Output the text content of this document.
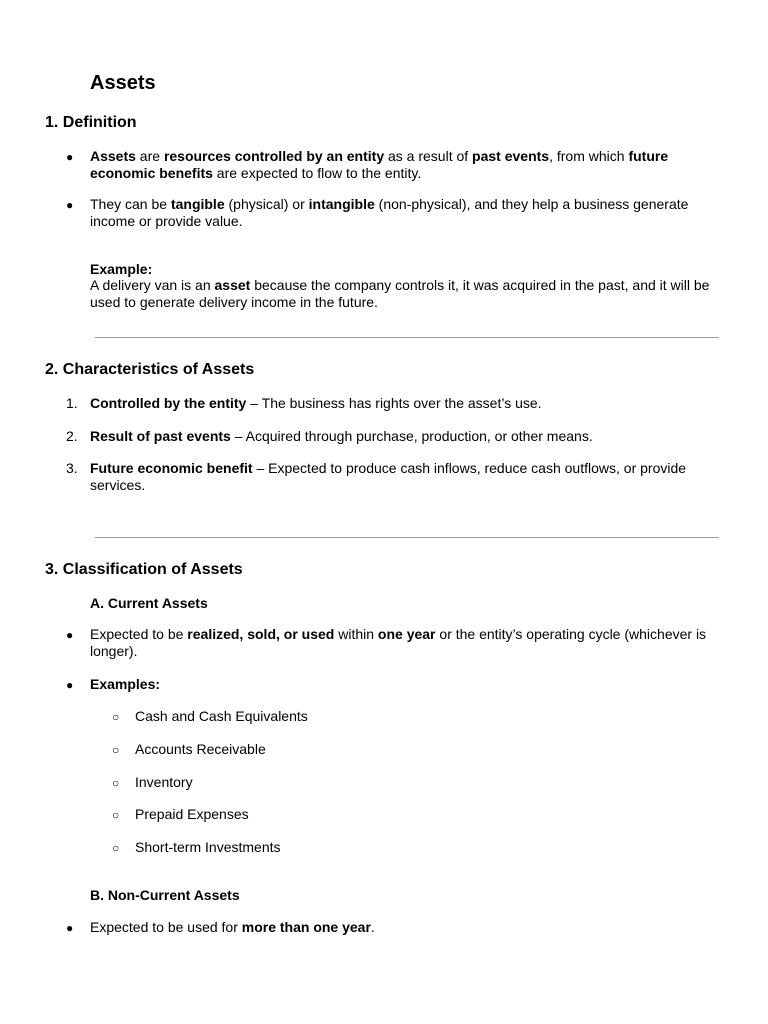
Assets
1. Definition
● Assets are resources controlled by an entity as a result of past events, from which future economic benefits are expected to flow to the entity.
● They can be tangible (physical) or intangible (non-physical), and they help a business generate income or provide value.
Example:
A delivery van is an asset because the company controls it, it was acquired in the past, and it will be used to generate delivery income in the future.
2. Characteristics of Assets
1. Controlled by the entity – The business has rights over the asset’s use.
2. Result of past events – Acquired through purchase, production, or other means.
3. Future economic benefit – Expected to produce cash inflows, reduce cash outflows, or provide services.
3. Classification of Assets
A. Current Assets
● Expected to be realized, sold, or used within one year or the entity’s operating cycle (whichever is longer).
● Examples:
○ Cash and Cash Equivalents
○ Accounts Receivable
○ Inventory
○ Prepaid Expenses
○ Short-term Investments
B. Non-Current Assets
● Expected to be used for more than one year.
